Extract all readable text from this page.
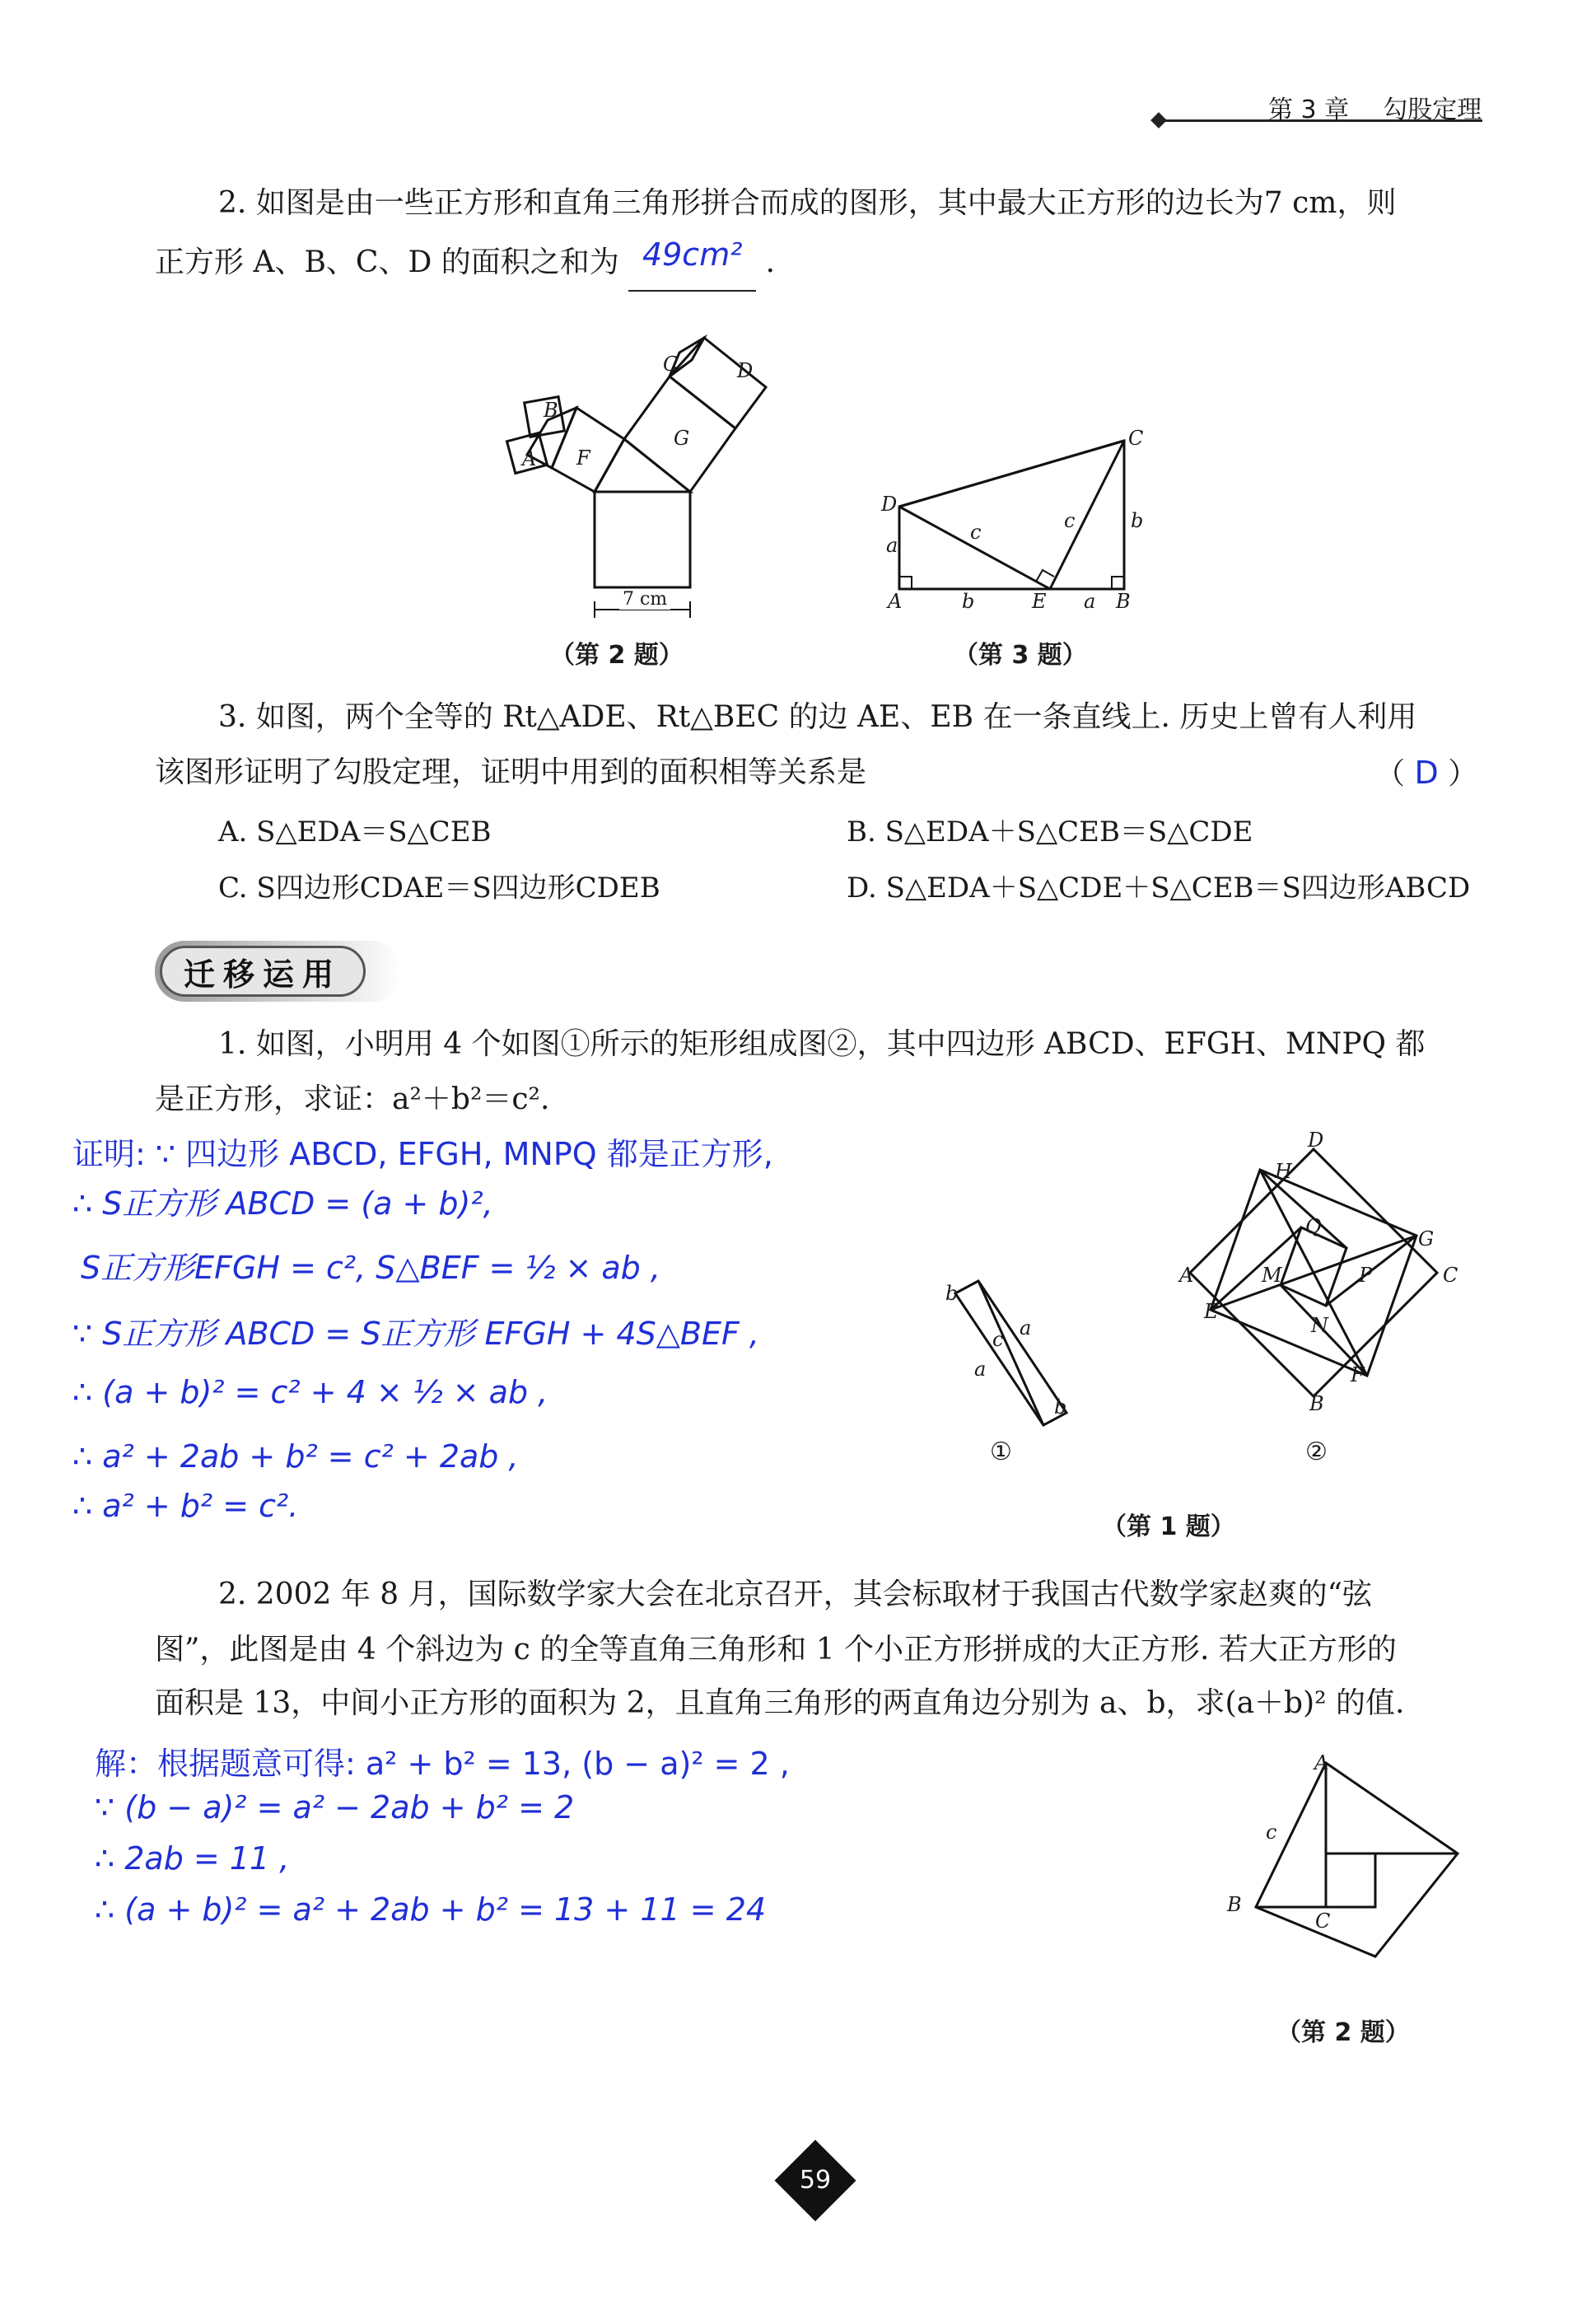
第 3 章 勾股定理
2. 如图是由一些正方形和直角三角形拼合而成的图形，其中最大正方形的边长为7 cm，则
正方形 A、B、C、D 的面积之和为 49cm² .
A
B
C	D
F
G
7 cm
（第 2 题）
C
D
A	E	B
a
b
c	c	b
a
（第 3 题）
3. 如图，两个全等的 Rt△ADE、Rt△BEC 的边 AE、EB 在一条直线上. 历史上曾有人利用
该图形证明了勾股定理，证明中用到的面积相等关系是	（ D ）
A. S△EDA＝S△CEB	B. S△EDA＋S△CEB＝S△CDE
C. S四边形CDAE＝S四边形CDEB	D. S△EDA＋S△CDE＋S△CEB＝S四边形ABCD
迁移运用
1. 如图，小明用 4 个如图①所示的矩形组成图②，其中四边形 ABCD、EFGH、MNPQ 都
是正方形，求证：a²＋b²＝c².
证明: ∵ 四边形 ABCD, EFGH, MNPQ 都是正方形,
∴ S正方形 ABCD = (a + b)²,
S正方形EFGH = c², S△BEF = ½ × ab ,
∵ S正方形 ABCD = S正方形 EFGH + 4S△BEF ,
∴ (a + b)² = c² + 4 × ½ × ab ,
∴ a² + 2ab + b² = c² + 2ab ,
∴ a² + b² = c².
b
a
c
a
b
①
D
H
Q
G
A	M	P	C
E
N
F
B
②
（第 1 题）
2. 2002 年 8 月，国际数学家大会在北京召开，其会标取材于我国古代数学家赵爽的“弦
图”，此图是由 4 个斜边为 c 的全等直角三角形和 1 个小正方形拼成的大正方形. 若大正方形的
面积是 13，中间小正方形的面积为 2，且直角三角形的两直角边分别为 a、b，求(a＋b)² 的值.
解：根据题意可得: a² + b² = 13, (b − a)² = 2 ,
∵ (b − a)² = a² − 2ab + b² = 2
∴ 2ab = 11 ,
∴ (a + b)² = a² + 2ab + b² = 13 + 11 = 24
A
c
B
C
（第 2 题）
59
